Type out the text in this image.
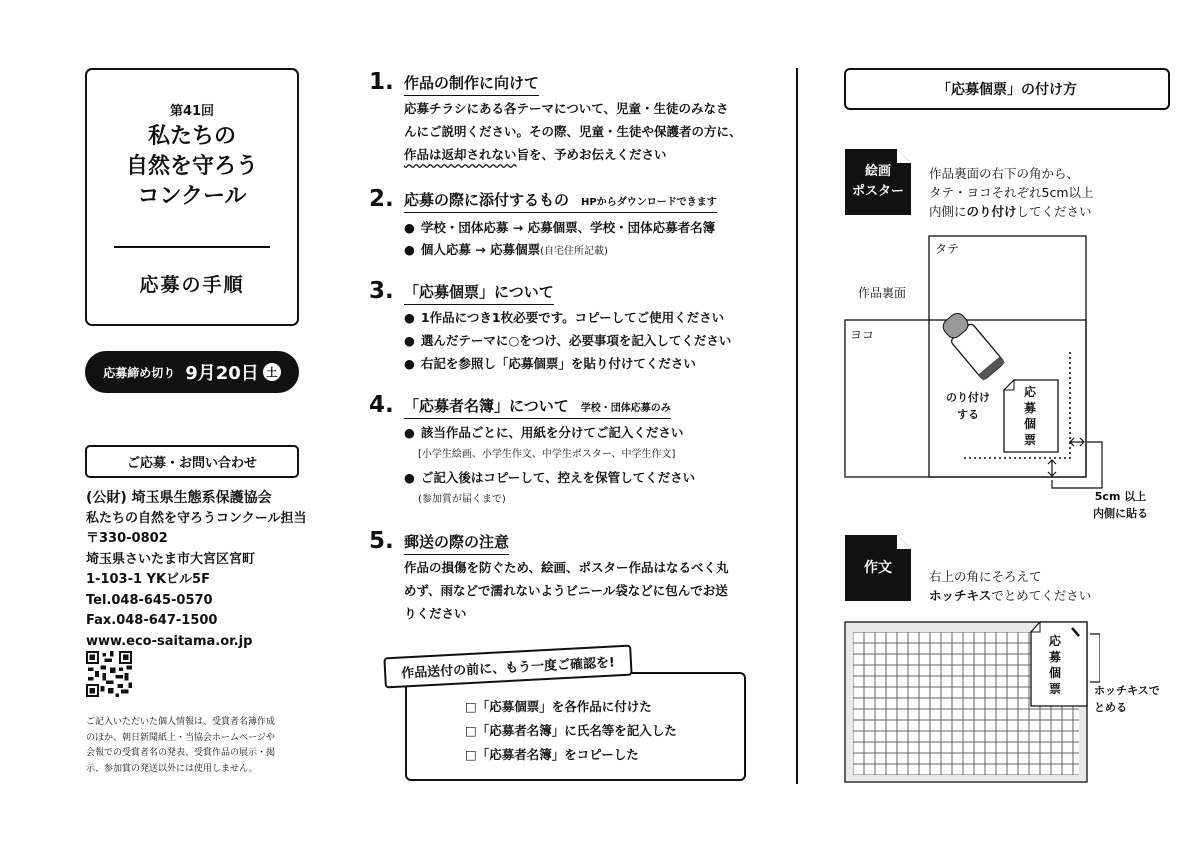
第41回
私たちの
自然を守ろう
コンクール
応募の手順
応募締め切り 9月20日 土
ご応募・お問い合わせ
(公財) 埼玉県生態系保護協会
私たちの自然を守ろうコンクール担当
〒330-0802
埼玉県さいたま市大宮区宮町
1-103-1 YKビル5F
Tel.048-645-0570
Fax.048-647-1500
www.eco-saitama.or.jp
ご記入いただいた個人情報は、受賞者名簿作成
のほか、朝日新聞紙上・当協会ホームページや
会報での受賞者名の発表、受賞作品の展示・掲
示、参加賞の発送以外には使用しません。
1. 作品の制作に向けて
応募チラシにある各テーマについて、児童・生徒のみなさ
んにご説明ください。その際、児童・生徒や保護者の方に、
作品は返却されない旨を、予めお伝えください
2. 応募の際に添付するもの HPからダウンロードできます
● 学校・団体応募 → 応募個票、学校・団体応募者名簿
● 個人応募 → 応募個票(自宅住所記載)
3. 「応募個票」について
● 1作品につき1枚必要です。コピーしてご使用ください
● 選んだテーマに○をつけ、必要事項を記入してください
● 右記を参照し「応募個票」を貼り付けてください
4. 「応募者名簿」について 学校・団体応募のみ
● 該当作品ごとに、用紙を分けてご記入ください
[小学生絵画、小学生作文、中学生ポスター、中学生作文]
● ご記入後はコピーして、控えを保管してください
(参加賞が届くまで)
5. 郵送の際の注意
作品の損傷を防ぐため、絵画、ポスター作品はなるべく丸
めず、雨などで濡れないようビニール袋などに包んでお送
りください
□「応募個票」を各作品に付けた
□「応募者名簿」に氏名等を記入した
□「応募者名簿」をコピーした
作品送付の前に、もう一度ご確認を!
「応募個票」の付け方
絵画
ポスター
作品裏面の右下の角から、
タテ・ヨコそれぞれ5cm以上
内側にのり付けしてください
タテ
作品裏面
ヨコ
のり付け
する
応
募
個
票
5cm 以上
内側に貼る
作文
右上の角にそろえて
ホッチキスでとめてください
応
募
個
票	ホッチキスで
とめる
